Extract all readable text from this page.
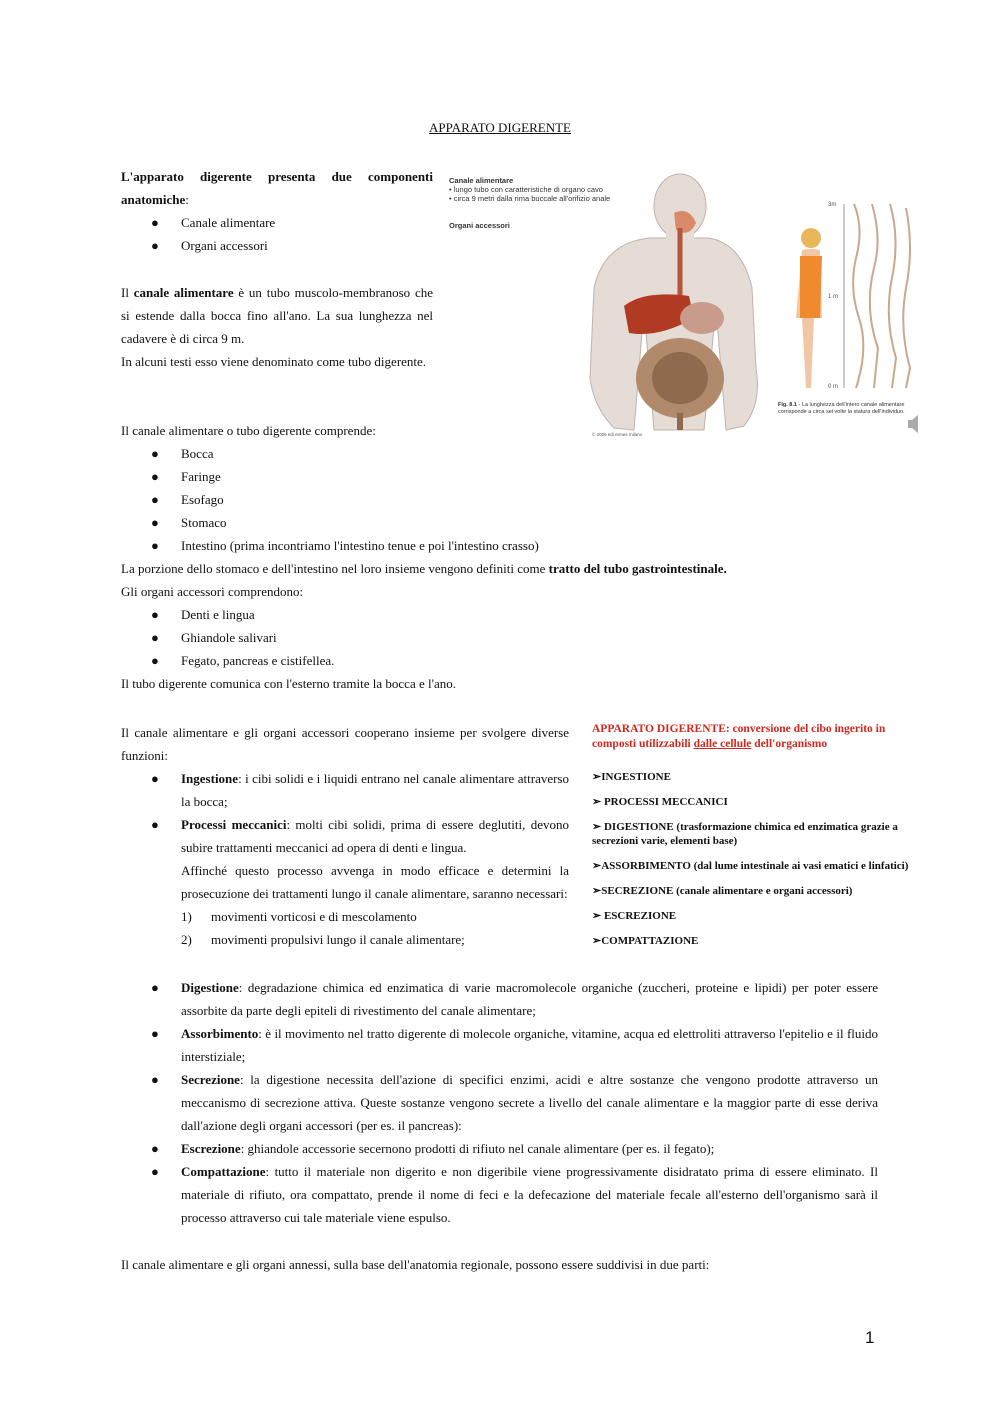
APPARATO DIGERENTE

L'apparato digerente presenta due componenti anatomiche:

● Canale alimentare
● Organi accessori

Il canale alimentare è un tubo muscolo-membranoso che si estende dalla bocca fino all'ano. La sua lunghezza nel cadavere è di circa 9 m.

In alcuni testi esso viene denominato come tubo digerente.

Canale alimentare
• lungo tubo con caratteristiche di organo cavo
• circa 9 metri dalla rima buccale all'orifizio anale
Organi accessori
3m
1 m
0 m
Fig. 8.1 - La lunghezza dell'intero canale alimentare corrisponde a circa sei volte la statura dell'individuo.
© 2006 edi.ermes milano

Il canale alimentare o tubo digerente comprende:

● Bocca
● Faringe
● Esofago
● Stomaco
● Intestino (prima incontriamo l'intestino tenue e poi l'intestino crasso)

La porzione dello stomaco e dell'intestino nel loro insieme vengono definiti come tratto del tubo gastrointestinale.

Gli organi accessori comprendono:

● Denti e lingua
● Ghiandole salivari
● Fegato, pancreas e cistifellea.

Il tubo digerente comunica con l'esterno tramite la bocca e l'ano.

Il canale alimentare e gli organi accessori cooperano insieme per svolgere diverse funzioni:

● Ingestione: i cibi solidi e i liquidi entrano nel canale alimentare attraverso la bocca;
● Processi meccanici: molti cibi solidi, prima di essere deglutiti, devono subire trattamenti meccanici ad opera di denti e lingua.
Affinché questo processo avvenga in modo efficace e determini la prosecuzione dei trattamenti lungo il canale alimentare, saranno necessari:
1) movimenti vorticosi e di mescolamento
2) movimenti propulsivi lungo il canale alimentare;
APPARATO DIGERENTE: conversione del cibo ingerito in composti utilizzabili dalle cellule dell'organismo
➢INGESTIONE
➢ PROCESSI MECCANICI
➢ DIGESTIONE (trasformazione chimica ed enzimatica grazie a secrezioni varie, elementi base)
➢ASSORBIMENTO (dal lume intestinale ai vasi ematici e linfatici)
➢SECREZIONE (canale alimentare e organi accessori)
➢ ESCREZIONE
➢COMPATTAZIONE
● Digestione: degradazione chimica ed enzimatica di varie macromolecole organiche (zuccheri, proteine e lipidi) per poter essere assorbite da parte degli epiteli di rivestimento del canale alimentare;
● Assorbimento: è il movimento nel tratto digerente di molecole organiche, vitamine, acqua ed elettroliti attraverso l'epitelio e il fluido interstiziale;
● Secrezione: la digestione necessita dell'azione di specifici enzimi, acidi e altre sostanze che vengono prodotte attraverso un meccanismo di secrezione attiva. Queste sostanze vengono secrete a livello del canale alimentare e la maggior parte di esse deriva dall'azione degli organi accessori (per es. il pancreas):
● Escrezione: ghiandole accessorie secernono prodotti di rifiuto nel canale alimentare (per es. il fegato);
● Compattazione: tutto il materiale non digerito e non digeribile viene progressivamente disidratato prima di essere eliminato. Il materiale di rifiuto, ora compattato, prende il nome di feci e la defecazione del materiale fecale all'esterno dell'organismo sarà il processo attraverso cui tale materiale viene espulso.
Il canale alimentare e gli organi annessi, sulla base dell'anatomia regionale, possono essere suddivisi in due parti:
1
